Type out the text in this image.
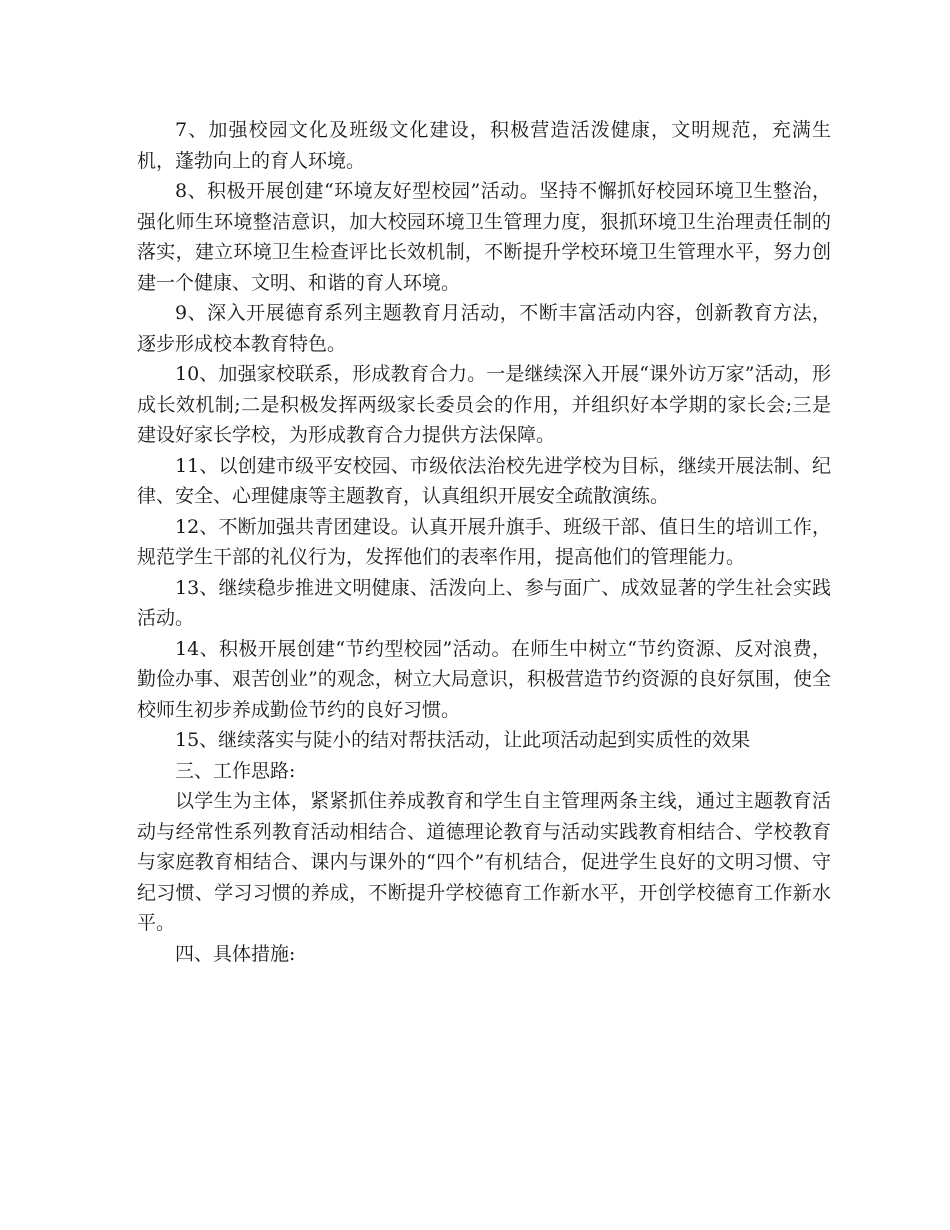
7、加强校园文化及班级文化建设，积极营造活泼健康，文明规范，充满生机，蓬勃向上的育人环境。

8、积极开展创建“环境友好型校园”活动。坚持不懈抓好校园环境卫生整治，强化师生环境整洁意识，加大校园环境卫生管理力度，狠抓环境卫生治理责任制的落实，建立环境卫生检查评比长效机制，不断提升学校环境卫生管理水平，努力创建一个健康、文明、和谐的育人环境。

9、深入开展德育系列主题教育月活动，不断丰富活动内容，创新教育方法，逐步形成校本教育特色。

10、加强家校联系，形成教育合力。一是继续深入开展“课外访万家”活动，形成长效机制;二是积极发挥两级家长委员会的作用，并组织好本学期的家长会;三是建设好家长学校，为形成教育合力提供方法保障。

11、以创建市级平安校园、市级依法治校先进学校为目标，继续开展法制、纪律、安全、心理健康等主题教育，认真组织开展安全疏散演练。

12、不断加强共青团建设。认真开展升旗手、班级干部、值日生的培训工作，规范学生干部的礼仪行为，发挥他们的表率作用，提高他们的管理能力。

13、继续稳步推进文明健康、活泼向上、参与面广、成效显著的学生社会实践活动。

14、积极开展创建“节约型校园”活动。在师生中树立“节约资源、反对浪费，勤俭办事、艰苦创业”的观念，树立大局意识，积极营造节约资源的良好氛围，使全校师生初步养成勤俭节约的良好习惯。

15、继续落实与陡小的结对帮扶活动，让此项活动起到实质性的效果

三、工作思路:

以学生为主体，紧紧抓住养成教育和学生自主管理两条主线，通过主题教育活动与经常性系列教育活动相结合、道德理论教育与活动实践教育相结合、学校教育与家庭教育相结合、课内与课外的“四个”有机结合，促进学生良好的文明习惯、守纪习惯、学习习惯的养成，不断提升学校德育工作新水平，开创学校德育工作新水平。

四、具体措施:
